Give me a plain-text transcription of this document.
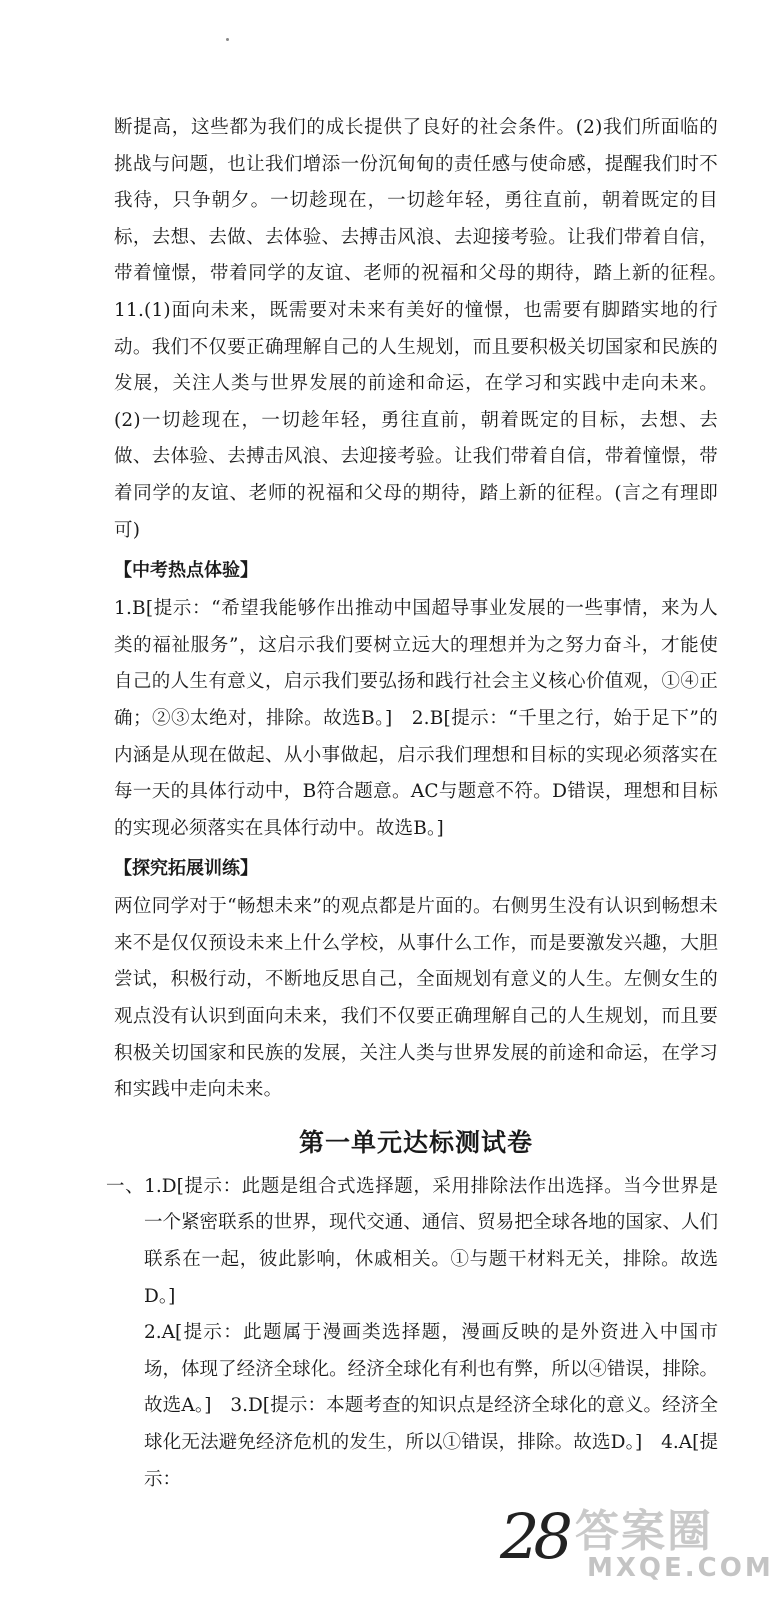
断提高，这些都为我们的成长提供了良好的社会条件。(2)我们所面临的挑战与问题，也让我们增添一份沉甸甸的责任感与使命感，提醒我们时不我待，只争朝夕。一切趁现在，一切趁年轻，勇往直前，朝着既定的目标，去想、去做、去体验、去搏击风浪、去迎接考验。让我们带着自信，带着憧憬，带着同学的友谊、老师的祝福和父母的期待，踏上新的征程。　11.(1)面向未来，既需要对未来有美好的憧憬，也需要有脚踏实地的行动。我们不仅要正确理解自己的人生规划，而且要积极关切国家和民族的发展，关注人类与世界发展的前途和命运，在学习和实践中走向未来。(2)一切趁现在，一切趁年轻，勇往直前，朝着既定的目标，去想、去做、去体验、去搏击风浪、去迎接考验。让我们带着自信，带着憧憬，带着同学的友谊、老师的祝福和父母的期待，踏上新的征程。(言之有理即可)

【中考热点体验】

1.B[提示：“希望我能够作出推动中国超导事业发展的一些事情，来为人类的福祉服务”，这启示我们要树立远大的理想并为之努力奋斗，才能使自己的人生有意义，启示我们要弘扬和践行社会主义核心价值观，①④正确；②③太绝对，排除。故选B。]　2.B[提示：“千里之行，始于足下”的内涵是从现在做起、从小事做起，启示我们理想和目标的实现必须落实在每一天的具体行动中，B符合题意。AC与题意不符。D错误，理想和目标的实现必须落实在具体行动中。故选B。]

【探究拓展训练】

两位同学对于“畅想未来”的观点都是片面的。右侧男生没有认识到畅想未来不是仅仅预设未来上什么学校，从事什么工作，而是要激发兴趣，大胆尝试，积极行动，不断地反思自己，全面规划有意义的人生。左侧女生的观点没有认识到面向未来，我们不仅要正确理解自己的人生规划，而且要积极关切国家和民族的发展，关注人类与世界发展的前途和命运，在学习和实践中走向未来。

第一单元达标测试卷

一、1.D[提示：此题是组合式选择题，采用排除法作出选择。当今世界是一个紧密联系的世界，现代交通、通信、贸易把全球各地的国家、人们联系在一起，彼此影响，休戚相关。①与题干材料无关，排除。故选D。]

2.A[提示：此题属于漫画类选择题，漫画反映的是外资进入中国市场，体现了经济全球化。经济全球化有利也有弊，所以④错误，排除。故选A。]　3.D[提示：本题考查的知识点是经济全球化的意义。经济全球化无法避免经济危机的发生，所以①错误，排除。故选D。]　4.A[提示：

28 答案圈
MXQE.COM
